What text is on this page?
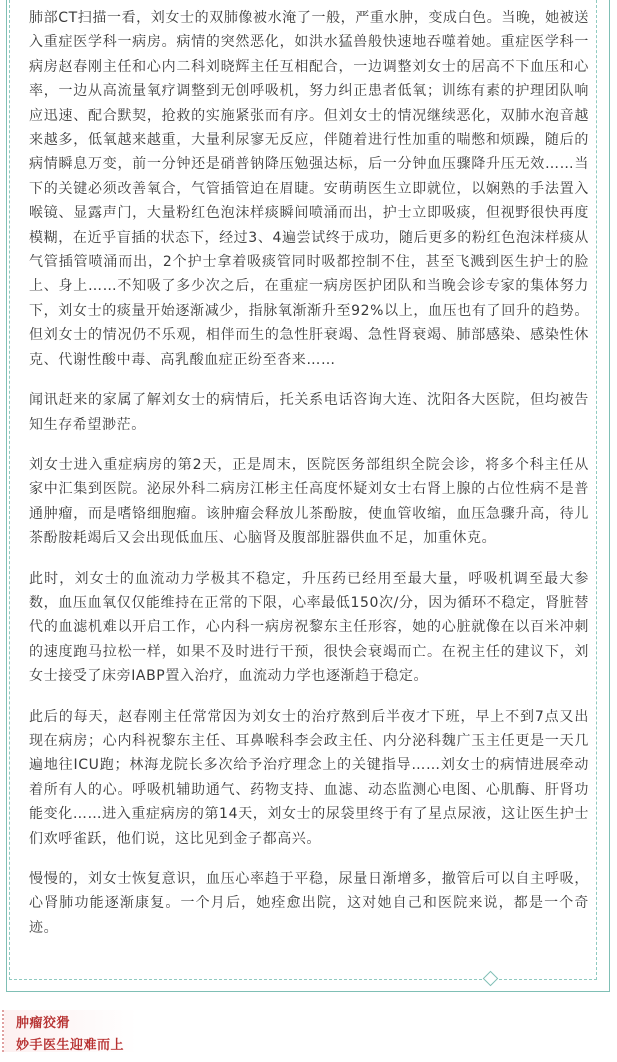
肺部CT扫描一看，刘女士的双肺像被水淹了一般，严重水肿，变成白色。当晚，她被送入重症医学科一病房。病情的突然恶化，如洪水猛兽般快速地吞噬着她。重症医学科一病房赵春刚主任和心内二科刘晓辉主任互相配合，一边调整刘女士的居高不下血压和心率，一边从高流量氧疗调整到无创呼吸机，努力纠正患者低氧；训练有素的护理团队响应迅速、配合默契，抢救的实施紧张而有序。但刘女士的情况继续恶化，双肺水泡音越来越多，低氧越来越重，大量利尿寥无反应，伴随着进行性加重的喘憋和烦躁，随后的病情瞬息万变，前一分钟还是硝普钠降压勉强达标，后一分钟血压骤降升压无效……当下的关键必须改善氧合，气管插管迫在眉睫。安萌萌医生立即就位，以娴熟的手法置入喉镜、显露声门，大量粉红色泡沫样痰瞬间喷涌而出，护士立即吸痰，但视野很快再度模糊，在近乎盲插的状态下，经过3、4遍尝试终于成功，随后更多的粉红色泡沫样痰从气管插管喷涌而出，2个护士拿着吸痰管同时吸都控制不住，甚至飞溅到医生护士的脸上、身上……不知吸了多少次之后，在重症一病房医护团队和当晚会诊专家的集体努力下，刘女士的痰量开始逐渐减少，指脉氧渐渐升至92%以上，血压也有了回升的趋势。但刘女士的情况仍不乐观，相伴而生的急性肝衰竭、急性肾衰竭、肺部感染、感染性休克、代谢性酸中毒、高乳酸血症正纷至沓来……

闻讯赶来的家属了解刘女士的病情后，托关系电话咨询大连、沈阳各大医院，但均被告知生存希望渺茫。

刘女士进入重症病房的第2天，正是周末，医院医务部组织全院会诊，将多个科主任从家中汇集到医院。泌尿外科二病房江彬主任高度怀疑刘女士右肾上腺的占位性病不是普通肿瘤，而是嗜铬细胞瘤。该肿瘤会释放儿茶酚胺，使血管收缩，血压急骤升高，待儿茶酚胺耗竭后又会出现低血压、心脑肾及腹部脏器供血不足，加重休克。

此时，刘女士的血流动力学极其不稳定，升压药已经用至最大量，呼吸机调至最大参数，血压血氧仅仅能维持在正常的下限，心率最低150次/分，因为循环不稳定，肾脏替代的血滤机难以开启工作，心内科一病房祝黎东主任形容，她的心脏就像在以百米冲刺的速度跑马拉松一样，如果不及时进行干预，很快会衰竭而亡。在祝主任的建议下，刘女士接受了床旁IABP置入治疗，血流动力学也逐渐趋于稳定。

此后的每天，赵春刚主任常常因为刘女士的治疗熬到后半夜才下班，早上不到7点又出现在病房；心内科祝黎东主任、耳鼻喉科李会政主任、内分泌科魏广玉主任更是一天几遍地往ICU跑；林海龙院长多次给予治疗理念上的关键指导……刘女士的病情进展牵动着所有人的心。呼吸机辅助通气、药物支持、血滤、动态监测心电图、心肌酶、肝肾功能变化……进入重症病房的第14天，刘女士的尿袋里终于有了星点尿液，这让医生护士们欢呼雀跃，他们说，这比见到金子都高兴。

慢慢的，刘女士恢复意识，血压心率趋于平稳，尿量日渐增多，撤管后可以自主呼吸，心肾肺功能逐渐康复。一个月后，她痊愈出院，这对她自己和医院来说，都是一个奇迹。

肿瘤狡猾
妙手医生迎难而上
